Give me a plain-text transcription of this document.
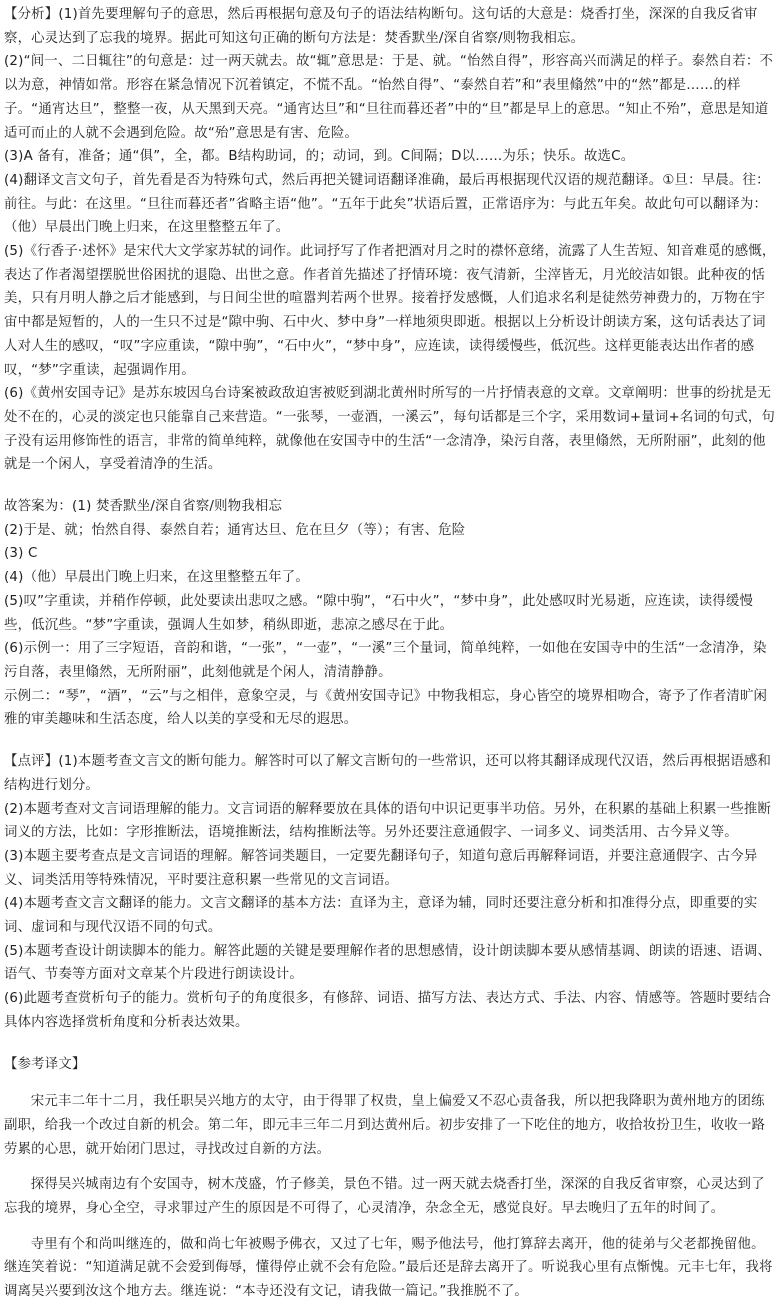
【分析】(1)首先要理解句子的意思，然后再根据句意及句子的语法结构断句。这句话的大意是：烧香打坐，深深的自我反省审察，心灵达到了忘我的境界。据此可知这句正确的断句方法是：焚香默坐/深自省察/则物我相忘。

(2)“间一、二日辄往”的句意是：过一两天就去。故“辄”意思是：于是、就。“怡然自得”，形容高兴而满足的样子。泰然自若：不以为意，神情如常。形容在紧急情况下沉着镇定，不慌不乱。“怡然自得”、“泰然自若”和“表里翛然”中的“然”都是……的样子。“通宵达旦”，整整一夜，从天黑到天亮。“通宵达旦”和“旦往而暮还者”中的“旦”都是早上的意思。“知止不殆”，意思是知道适可而止的人就不会遇到危险。故“殆”意思是有害、危险。

(3)A 备有，准备；通“俱”，全，都。B结构助词，的；动词，到。C间隔；D以……为乐；快乐。故选C。

(4)翻译文言文句子，首先看是否为特殊句式，然后再把关键词语翻译准确，最后再根据现代汉语的规范翻译。①旦：早晨。往：前往。与此：在这里。“旦往而暮还者”省略主语“他”。“五年于此矣”状语后置，正常语序为：与此五年矣。故此句可以翻译为：（他）早晨出门晚上归来，在这里整整五年了。

(5)《行香子·述怀》是宋代大文学家苏轼的词作。此词抒写了作者把酒对月之时的襟怀意绪，流露了人生苦短、知音难觅的感慨，表达了作者渴望摆脱世俗困扰的退隐、出世之意。作者首先描述了抒情环境：夜气清新，尘滓皆无，月光皎洁如银。此种夜的恬美，只有月明人静之后才能感到，与日间尘世的喧嚣判若两个世界。接着抒发感慨，人们追求名利是徒然劳神费力的，万物在宇宙中都是短暂的，人的一生只不过是“隙中驹、石中火、梦中身”一样地须臾即逝。根据以上分析设计朗读方案，这句话表达了词人对人生的感叹，“叹”字应重读，“隙中驹”，“石中火”，“梦中身”，应连读，读得缓慢些，低沉些。这样更能表达出作者的感叹，“梦”字重读，起强调作用。

(6)《黄州安国寺记》是苏东坡因乌台诗案被政敌迫害被贬到湖北黄州时所写的一片抒情表意的文章。文章阐明：世事的纷扰是无处不在的，心灵的淡定也只能靠自己来营造。“一张琴，一壶酒，一溪云”，每句话都是三个字，采用数词+量词+名词的句式，句子没有运用修饰性的语言，非常的简单纯粹，就像他在安国寺中的生活“一念清净，染污自落，表里翛然，无所附丽”，此刻的他就是一个闲人，享受着清净的生活。

故答案为：(1) 焚香默坐/深自省察/则物我相忘

(2)于是、就；怡然自得、泰然自若；通宵达旦、危在旦夕（等）；有害、危险

(3) C

(4)（他）早晨出门晚上归来，在这里整整五年了。

(5)叹”字重读，并稍作停顿，此处要读出悲叹之感。“隙中驹”，“石中火”，“梦中身”，此处感叹时光易逝，应连读，读得缓慢些，低沉些。“梦”字重读，强调人生如梦，稍纵即逝，悲凉之感尽在于此。

(6)示例一：用了三字短语，音韵和谐，“一张”，“一壶”，“一溪”三个量词，简单纯粹，一如他在安国寺中的生活“一念清净，染污自落，表里翛然，无所附丽”，此刻他就是个闲人，清清静静。

示例二：“琴”，“酒”，“云”与之相伴，意象空灵，与《黄州安国寺记》中物我相忘，身心皆空的境界相吻合，寄予了作者清旷闲雅的审美趣味和生活态度，给人以美的享受和无尽的遐思。

【点评】(1)本题考查文言文的断句能力。解答时可以了解文言断句的一些常识，还可以将其翻译成现代汉语，然后再根据语感和结构进行划分。

(2)本题考查对文言词语理解的能力。文言词语的解释要放在具体的语句中识记更事半功倍。另外，在积累的基础上积累一些推断词义的方法，比如：字形推断法，语境推断法，结构推断法等。另外还要注意通假字、一词多义、词类活用、古今异义等。

(3)本题主要考查点是文言词语的理解。解答词类题目，一定要先翻译句子，知道句意后再解释词语，并要注意通假字、古今异义、词类活用等特殊情况，平时要注意积累一些常见的文言词语。

(4)本题考查文言文翻译的能力。文言文翻译的基本方法：直译为主，意译为辅，同时还要注意分析和扣准得分点，即重要的实词、虚词和与现代汉语不同的句式。

(5)本题考查设计朗读脚本的能力。解答此题的关键是要理解作者的思想感情，设计朗读脚本要从感情基调、朗读的语速、语调、语气、节奏等方面对文章某个片段进行朗读设计。

(6)此题考查赏析句子的能力。赏析句子的角度很多，有修辞、词语、描写方法、表达方式、手法、内容、情感等。答题时要结合具体内容选择赏析角度和分析表达效果。

【参考译文】

宋元丰二年十二月，我任职吴兴地方的太守，由于得罪了权贵，皇上偏爱又不忍心责备我，所以把我降职为黄州地方的团练副职，给我一个改过自新的机会。第二年，即元丰三年二月到达黄州后。初步安排了一下吃住的地方，收拾妆扮卫生，收收一路劳累的心思，就开始闭门思过，寻找改过自新的方法。

探得吴兴城南边有个安国寺，树木茂盛，竹子修美，景色不错。过一两天就去烧香打坐，深深的自我反省审察，心灵达到了忘我的境界，身心全空，寻求罪过产生的原因是不可得了，心灵清净，杂念全无，感觉良好。早去晚归了五年的时间了。

寺里有个和尚叫继连的，做和尚七年被赐予佛衣，又过了七年，赐予他法号，他打算辞去离开，他的徒弟与父老都挽留他。继连笑着说：“知道满足就不会爱到侮辱，懂得停止就不会有危险。”最后还是辞去离开了。听说我心里有点惭愧。元丰七年，我将调离吴兴要到汝这个地方去。继连说：“本寺还没有文记，请我做一篇记。”我推脱不了。
